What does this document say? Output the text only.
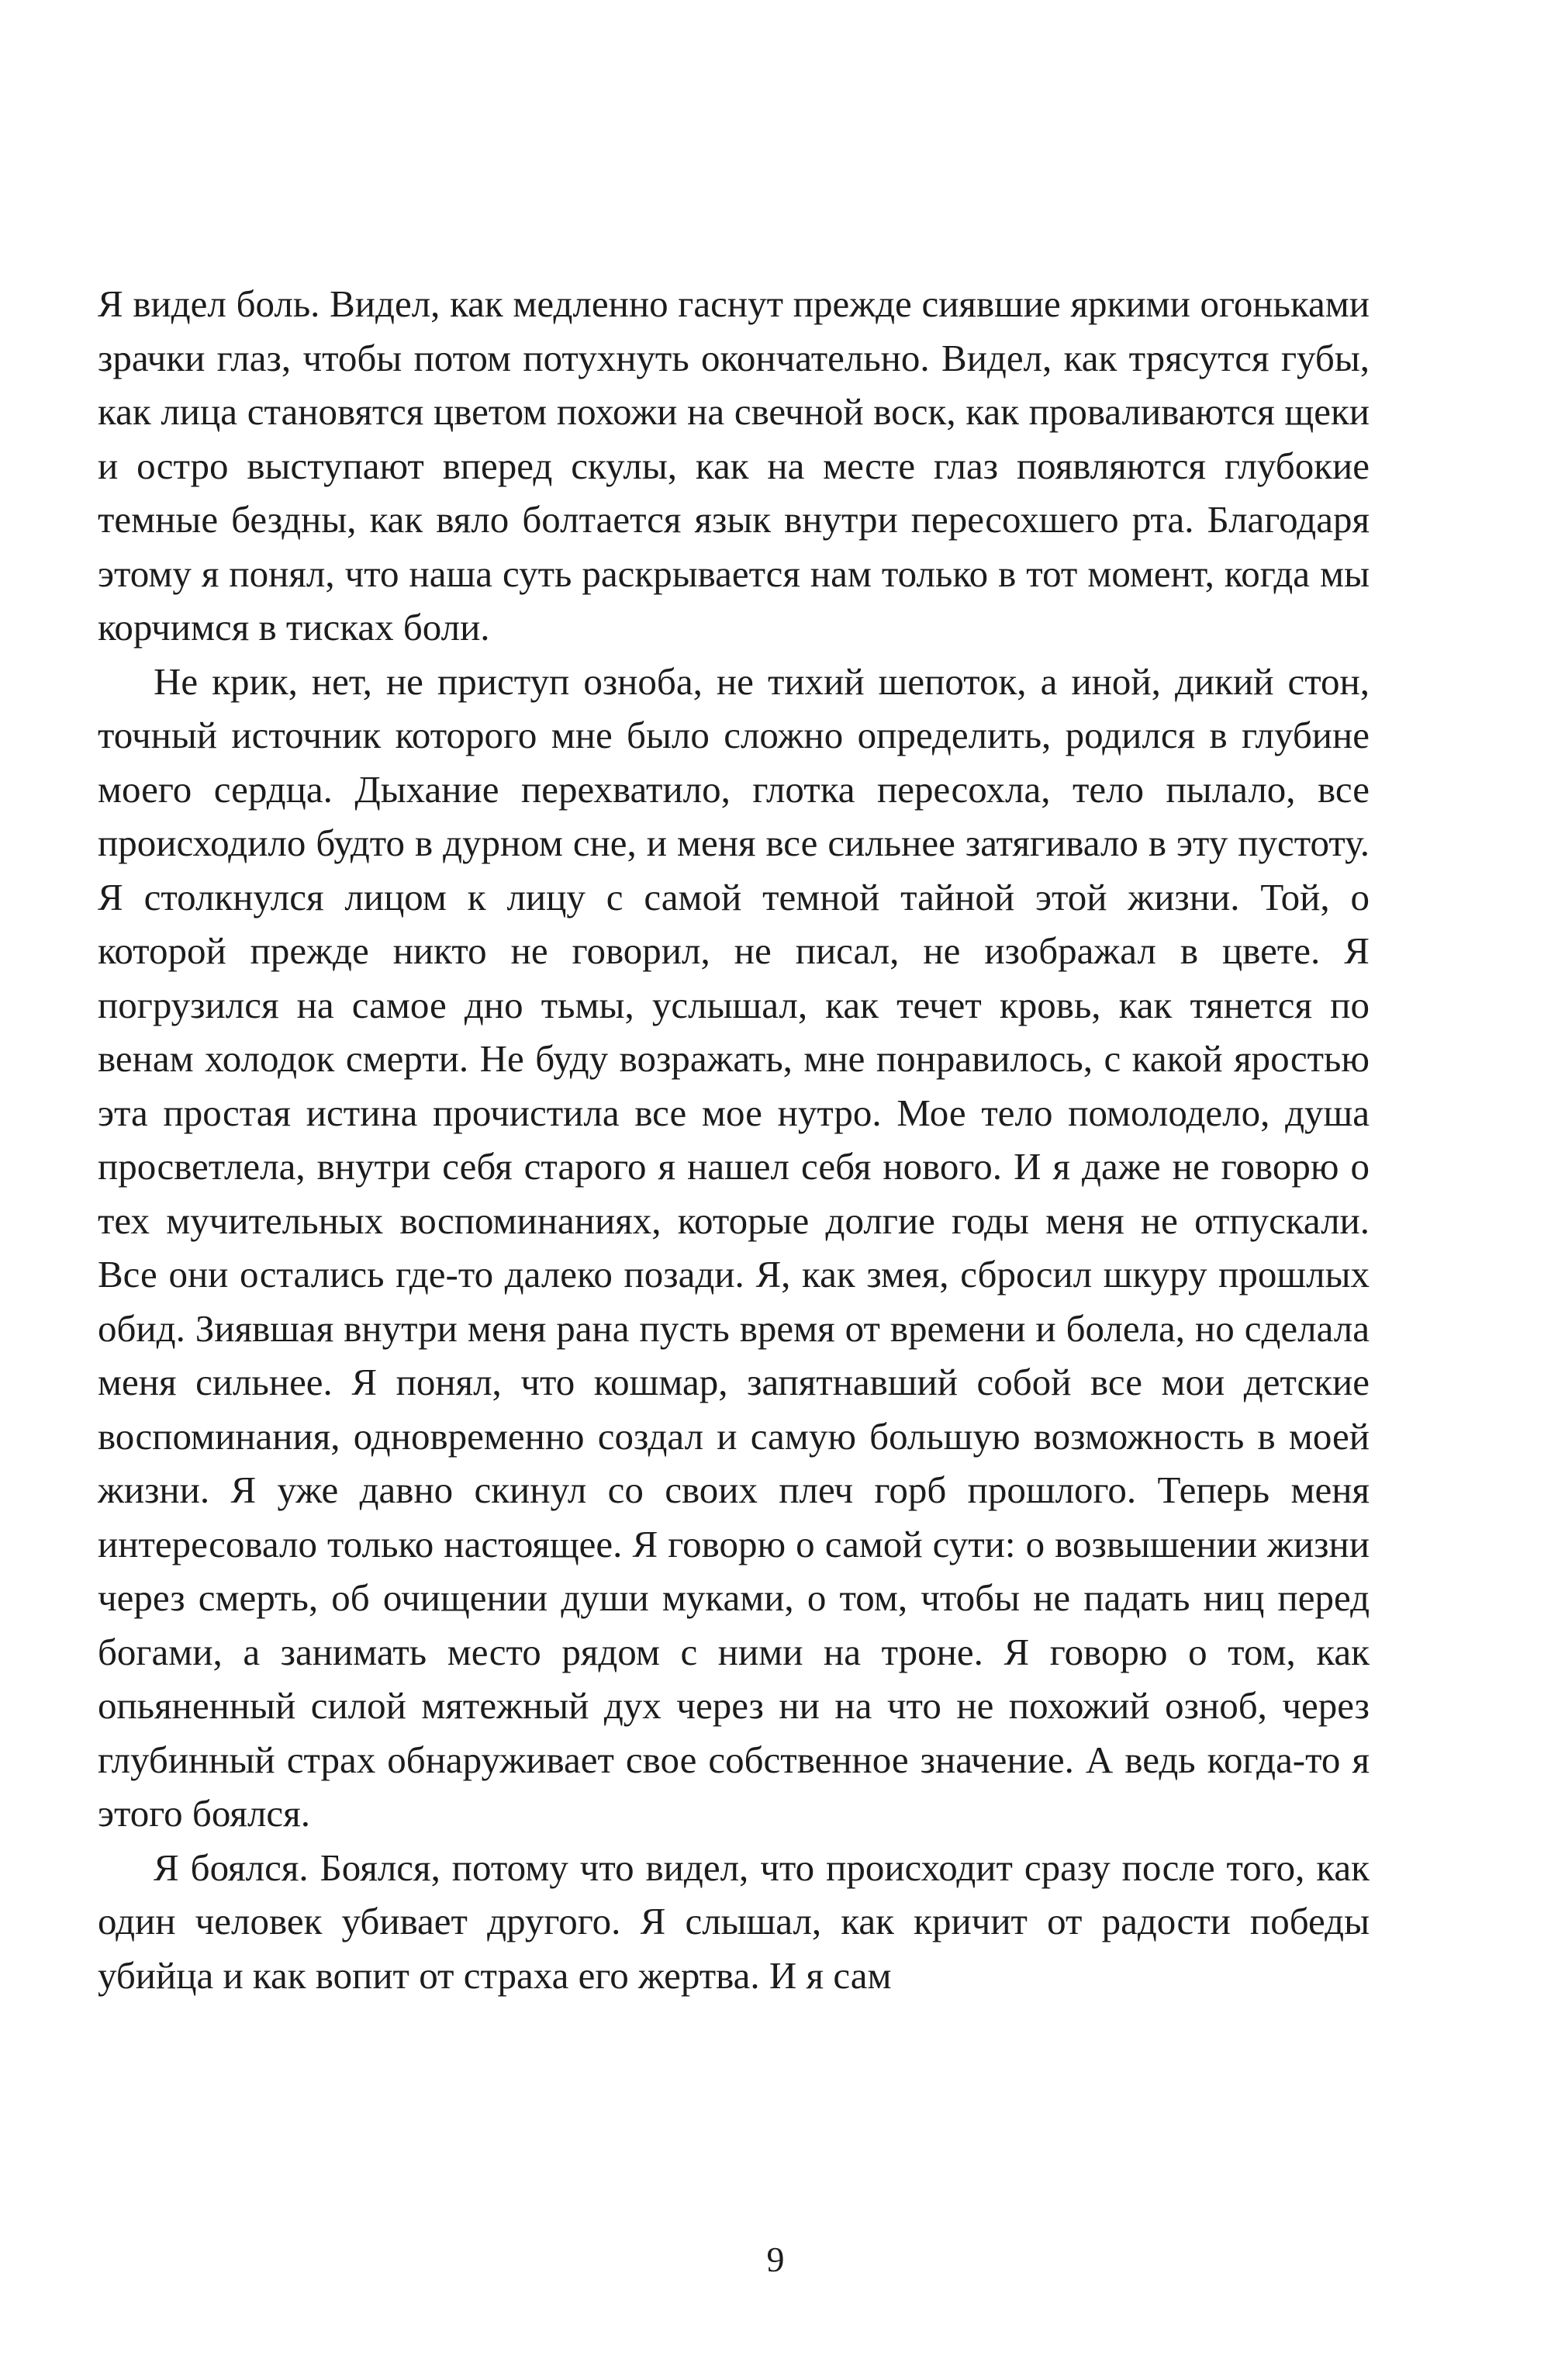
Я видел боль. Видел, как медленно гаснут прежде сиявшие яркими огоньками зрачки глаз, чтобы потом потухнуть окончательно. Видел, как трясутся губы, как лица становятся цветом похожи на свечной воск, как проваливаются щеки и остро выступают вперед скулы, как на месте глаз появляются глубокие темные бездны, как вяло болтается язык внутри пересохшего рта. Благодаря этому я понял, что наша суть раскрывается нам только в тот момент, когда мы корчимся в тисках боли.

Не крик, нет, не приступ озноба, не тихий шепоток, а иной, дикий стон, точный источник которого мне было сложно определить, родился в глубине моего сердца. Дыхание перехватило, глотка пересохла, тело пылало, все происходило будто в дурном сне, и меня все сильнее затягивало в эту пустоту. Я столкнулся лицом к лицу с самой темной тайной этой жизни. Той, о которой прежде никто не говорил, не писал, не изображал в цвете. Я погрузился на самое дно тьмы, услышал, как течет кровь, как тянется по венам холодок смерти. Не буду возражать, мне понравилось, с какой яростью эта простая истина прочистила все мое нутро. Мое тело помолодело, душа просветлела, внутри себя старого я нашел себя нового. И я даже не говорю о тех мучительных воспоминаниях, которые долгие годы меня не отпускали. Все они остались где-то далеко позади. Я, как змея, сбросил шкуру прошлых обид. Зиявшая внутри меня рана пусть время от времени и болела, но сделала меня сильнее. Я понял, что кошмар, запятнавший собой все мои детские воспоминания, одновременно создал и самую большую возможность в моей жизни. Я уже давно скинул со своих плеч горб прошлого. Теперь меня интересовало только настоящее. Я говорю о самой сути: о возвышении жизни через смерть, об очищении души муками, о том, чтобы не падать ниц перед богами, а занимать место рядом с ними на троне. Я говорю о том, как опьяненный силой мятежный дух через ни на что не похожий озноб, через глубинный страх обнаруживает свое собственное значение. А ведь когда-то я этого боялся.

Я боялся. Боялся, потому что видел, что происходит сразу после того, как один человек убивает другого. Я слышал, как кричит от радости победы убийца и как вопит от страха его жертва. И я сам

9
